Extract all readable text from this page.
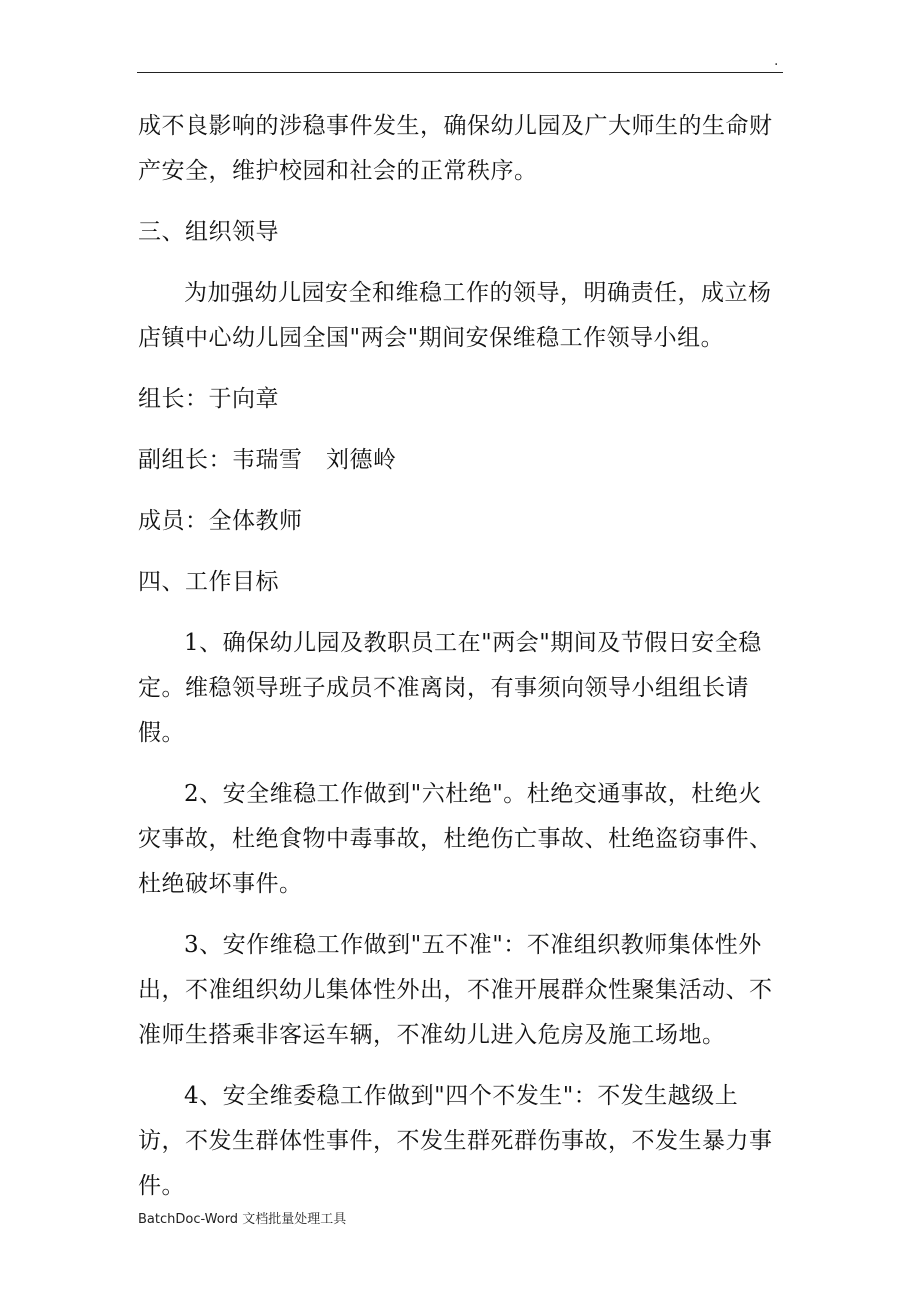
.

成不良影响的涉稳事件发生，确保幼儿园及广大师生的生命财产安全，维护校园和社会的正常秩序。

三、组织领导

为加强幼儿园安全和维稳工作的领导，明确责任，成立杨店镇中心幼儿园全国"两会"期间安保维稳工作领导小组。

组长：于向章

副组长：韦瑞雪　刘德岭

成员：全体教师

四、工作目标

1、确保幼儿园及教职员工在"两会"期间及节假日安全稳定。维稳领导班子成员不准离岗，有事须向领导小组组长请假。

2、安全维稳工作做到"六杜绝"。杜绝交通事故，杜绝火灾事故，杜绝食物中毒事故，杜绝伤亡事故、杜绝盗窃事件、杜绝破坏事件。

3、安作维稳工作做到"五不准"：不准组织教师集体性外出，不准组织幼儿集体性外出，不准开展群众性聚集活动、不准师生搭乘非客运车辆，不准幼儿进入危房及施工场地。

4、安全维委稳工作做到"四个不发生"：不发生越级上访，不发生群体性事件，不发生群死群伤事故，不发生暴力事件。

BatchDoc-Word 文档批量处理工具
